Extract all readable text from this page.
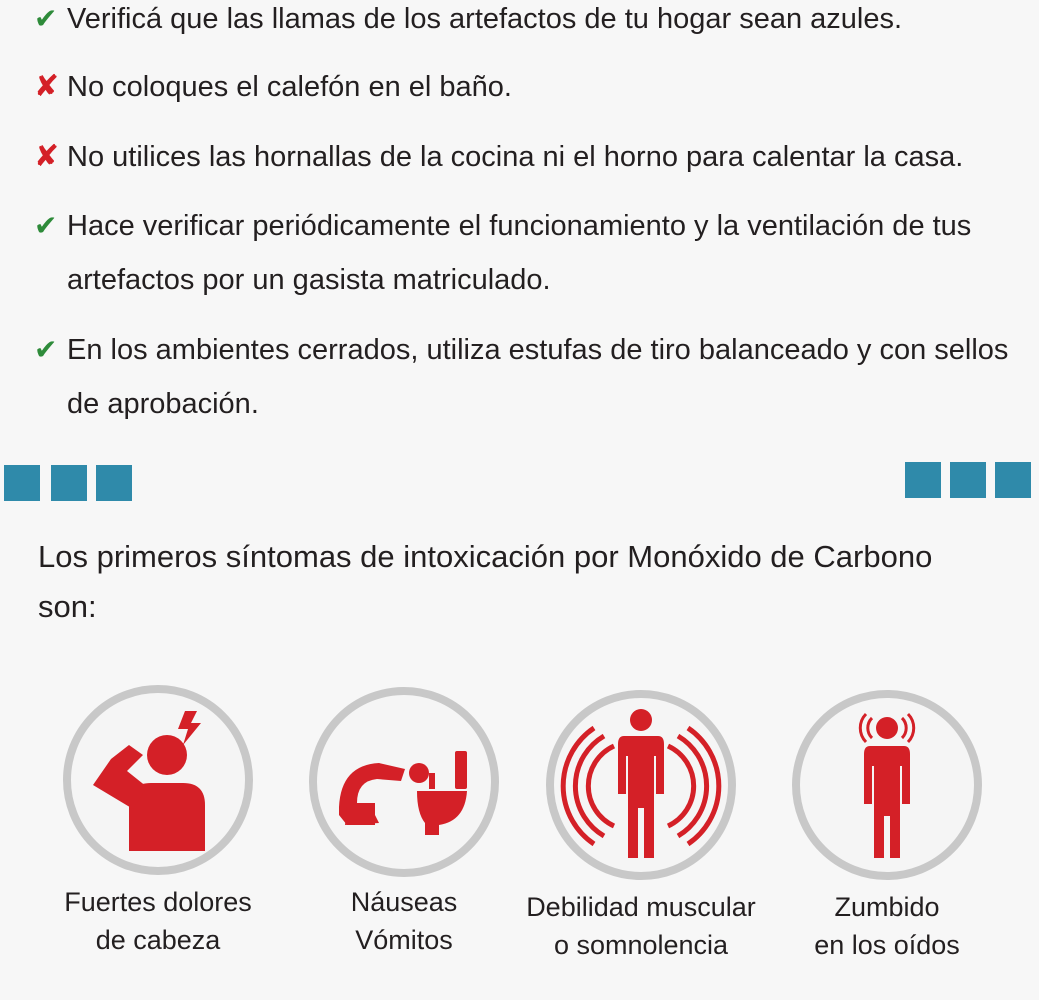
✔ Verificá que las llamas de los artefactos de tu hogar sean azules.
✘ No coloques el calefón en el baño.
✘ No utilices las hornallas de la cocina ni el horno para calentar la casa.
✔ Hace verificar periódicamente el funcionamiento y la ventilación de tus artefactos por un gasista matriculado.
✔ En los ambientes cerrados, utiliza estufas de tiro balanceado y con sellos de aprobación.
Los primeros síntomas de intoxicación por Monóxido de Carbono son:
Fuertes dolores
de cabeza
Náuseas
Vómitos
Debilidad muscular
o somnolencia
Zumbido
en los oídos
